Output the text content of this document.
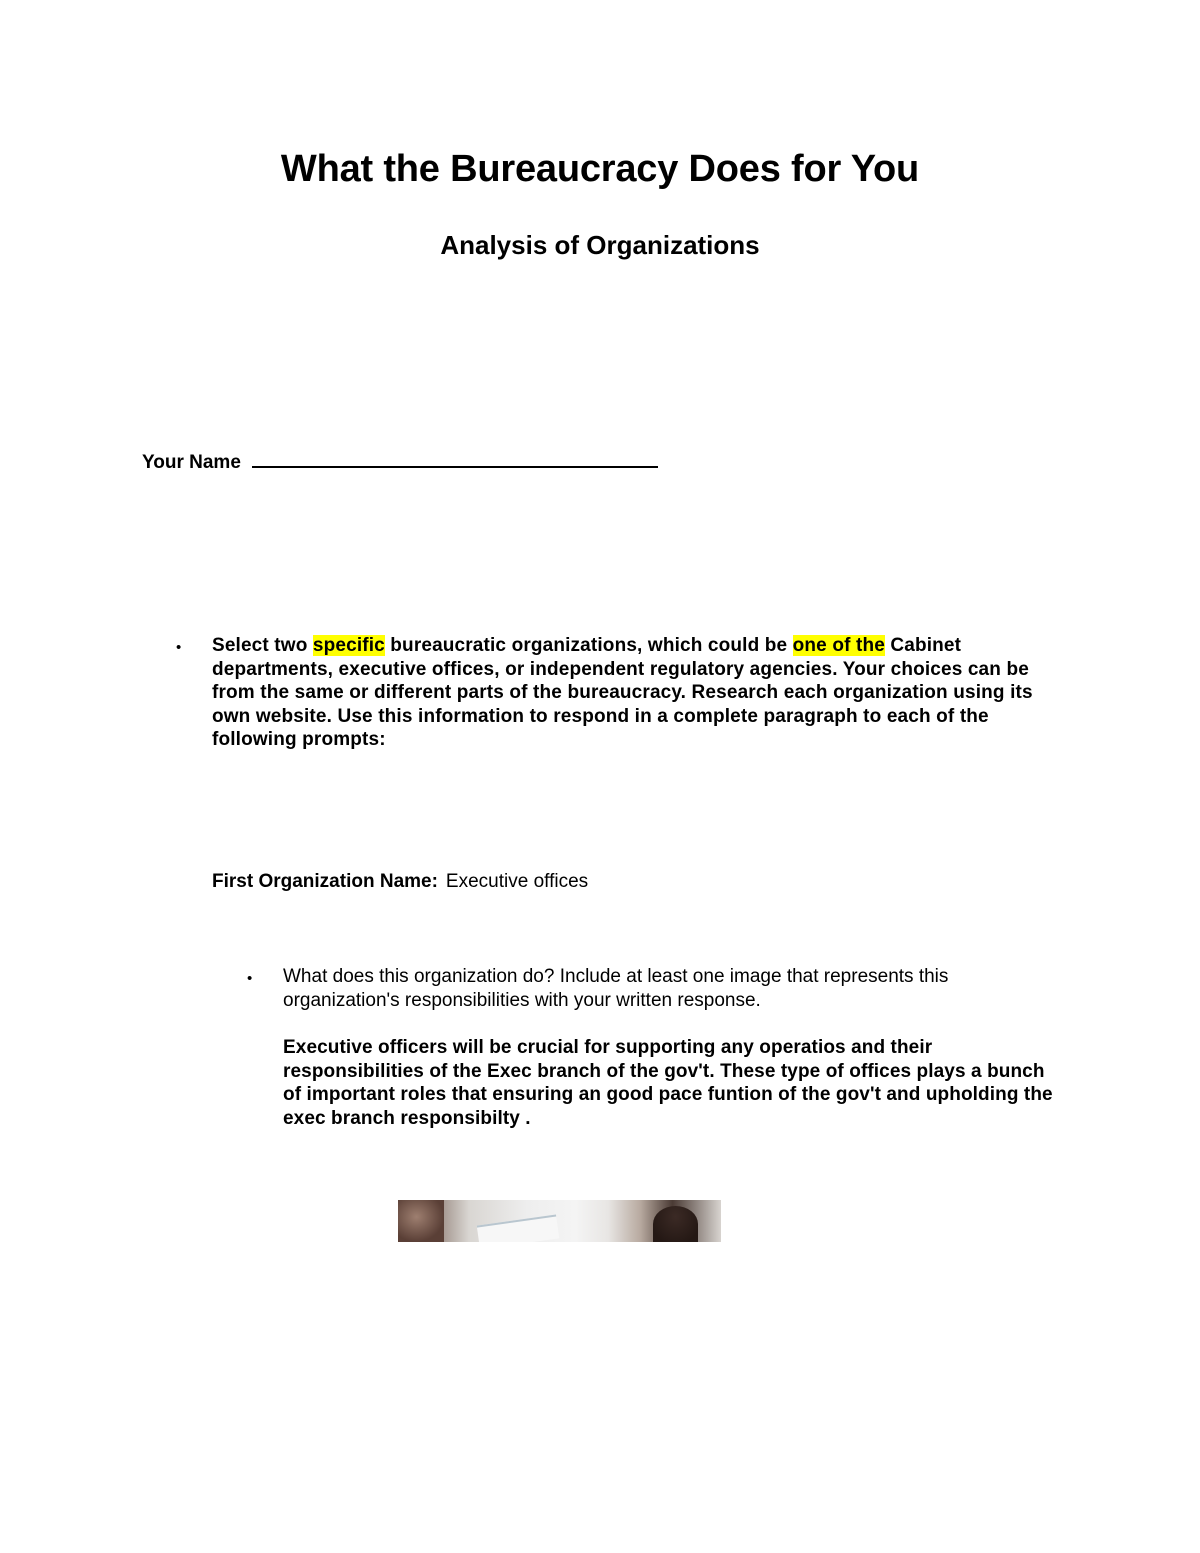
What the Bureaucracy Does for You
Analysis of Organizations
Your Name
• Select two specific bureaucratic organizations, which could be one of the Cabinet departments, executive offices, or independent regulatory agencies. Your choices can be from the same or different parts of the bureaucracy. Research each organization using its own website. Use this information to respond in a complete paragraph to each of the following prompts:
First Organization Name: Executive offices
• What does this organization do? Include at least one image that represents this organization's responsibilities with your written response.
Executive officers will be crucial for supporting any operatios and their responsibilities of the Exec branch of the gov't. These type of offices plays a bunch of important roles that ensuring an good pace funtion of the gov't and upholding the exec branch responsibilty .
